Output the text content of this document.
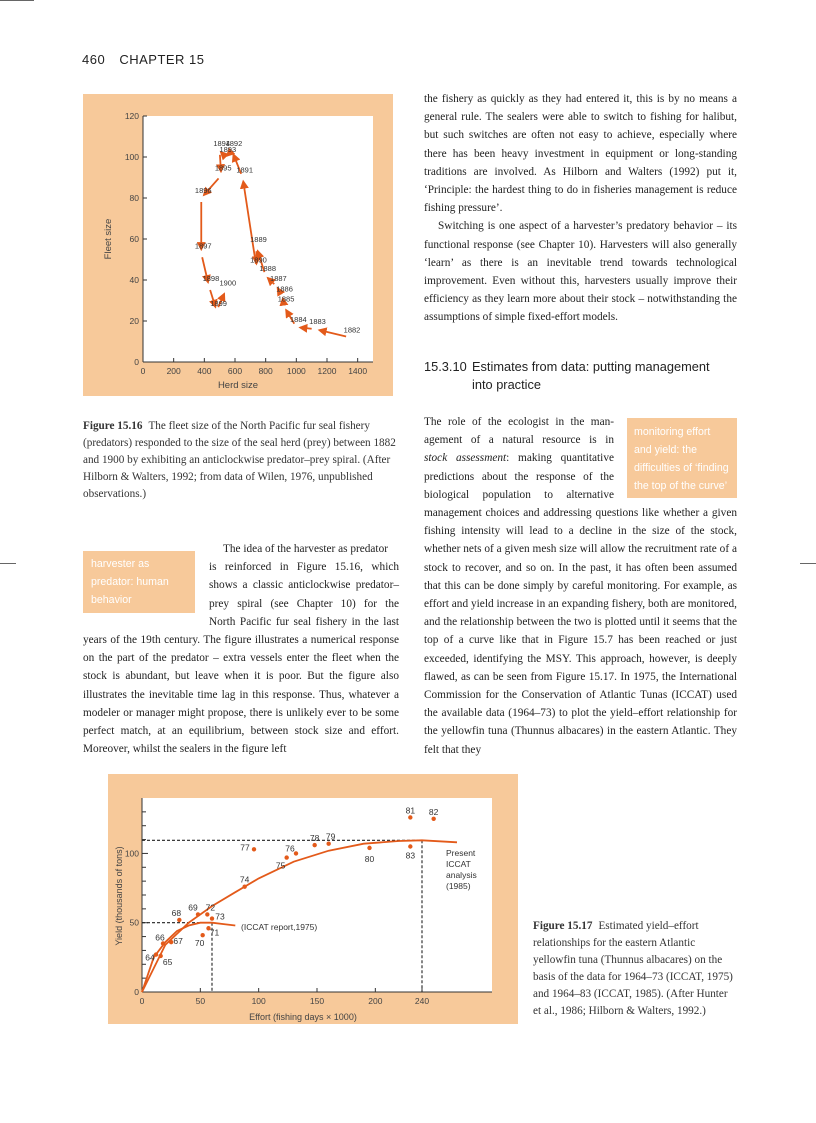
460 CHAPTER 15
0 200 400 600 800 1000 1200 1400
0
20
40
60
80
100
120
1882
1883
1884
1885
1886
1887
1888
1889
1890
1891
1892
1893
1894
1895
1896
1897
1898
1899
1900
Herd size
Fleet size
Figure 15.16 The fleet size of the North Pacific fur seal fishery (predators) responded to the size of the seal herd (prey) between 1882 and 1900 by exhibiting an anticlockwise predator–prey spiral. (After Hilborn & Walters, 1992; from data of Wilen, 1976, unpublished observations.)
harvester as predator: human behavior
The idea of the harvester as predator
is reinforced in Figure 15.16, which
shows a classic anticlockwise predator–
prey spiral (see Chapter 10) for the
North Pacific fur seal fishery in the last
years of the 19th century. The figure illustrates a numerical response on the part of the predator – extra vessels enter the fleet when the stock is abundant, but leave when it is poor. But the figure also illustrates the inevitable time lag in this response. Thus, whatever a modeler or manager might propose, there is unlikely ever to be some perfect match, at an equilibrium, between stock size and effort. Moreover, whilst the sealers in the figure left

the fishery as quickly as they had entered it, this is by no means a general rule. The sealers were able to switch to fishing for halibut, but such switches are often not easy to achieve, especially where there has been heavy investment in equipment or long-standing traditions are involved. As Hilborn and Walters (1992) put it, ‘Principle: the hardest thing to do in fisheries management is reduce fishing pressure’.

Switching is one aspect of a harvester’s predatory behavior – its functional response (see Chapter 10). Harvesters will also generally ‘learn’ as there is an inevitable trend towards technological improvement. Even without this, harvesters usually improve their efficiency as they learn more about their stock – notwithstanding the assumptions of simple fixed-effort models.

15.3.10 Estimates from data: putting management
into practice
monitoring effort and yield: the difficulties of ‘finding the top of the curve’
The role of the ecologist in the man-
agement of a natural resource is in
stock assessment: making quantitative
predictions about the response of the
biological population to alternative
management choices and addressing questions like whether a given fishing intensity will lead to a decline in the size of the stock, whether nets of a given mesh size will allow the recruitment rate of a stock to recover, and so on. In the past, it has often been assumed that this can be done simply by careful monitoring. For example, as effort and yield increase in an expanding fishery, both are monitored, and the relationship between the two is plotted until it seems that the top of a curve like that in Figure 15.7 has been reached or just exceeded, identifying the MSY. This approach, however, is deeply flawed, as can be seen from Figure 15.17. In 1975, the International Commission for the Conservation of Atlantic Tunas (ICCAT) used the available data (1964–73) to plot the yield–effort relationship for the yellowfin tuna (Thunnus albacares) in the eastern Atlantic. They felt that they
0	50	100	150	200	240
0
50
100
64 65
66 67
68
69
70
71
72
73
74
75
76
77
78 79
80
81 82
83
Effort (fishing days × 1000)
Yield (thousands of tons)	(ICCAT report,1975)
Present
ICCAT
analysis
(1985)
Figure 15.17 Estimated yield–effort relationships for the eastern Atlantic yellowfin tuna (Thunnus albacares) on the basis of the data for 1964–73 (ICCAT, 1975) and 1964–83 (ICCAT, 1985). (After Hunter et al., 1986; Hilborn & Walters, 1992.)
